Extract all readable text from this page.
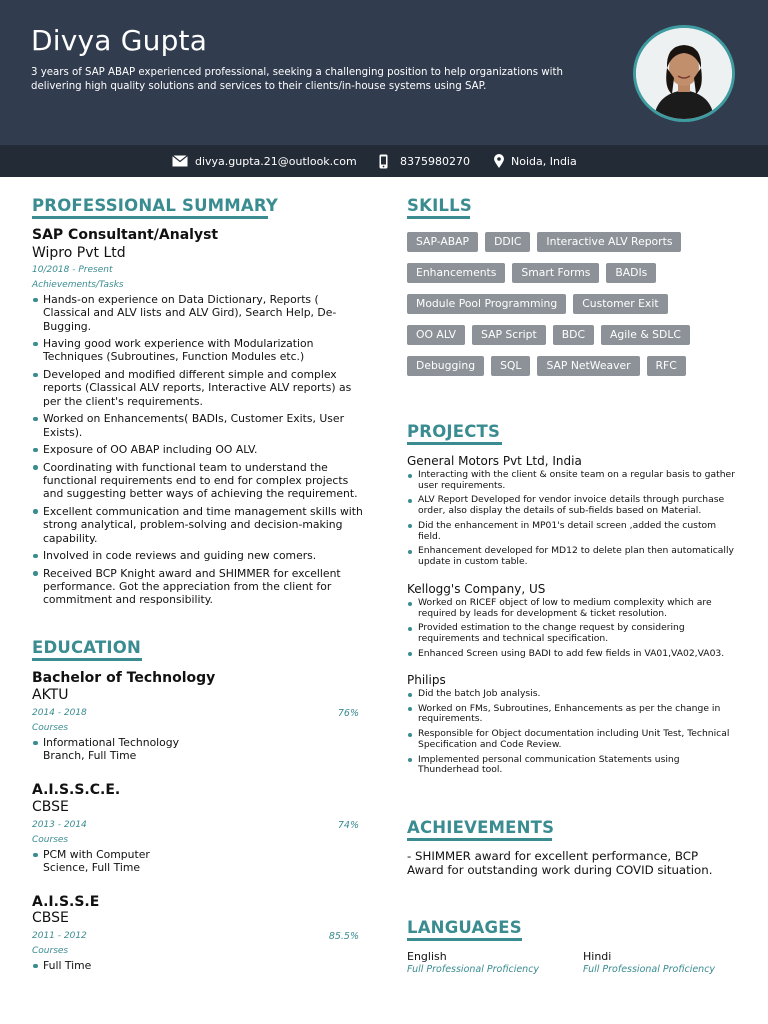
Divya Gupta
3 years of SAP ABAP experienced professional, seeking a challenging position to help organizations with delivering high quality solutions and services to their clients/in-house systems using SAP.
divya.gupta.21@outlook.com	8375980270	Noida, India
PROFESSIONAL SUMMARY
SAP Consultant/Analyst
Wipro Pvt Ltd
10/2018 - Present
Achievements/Tasks
Hands-on experience on Data Dictionary, Reports ( Classical and ALV lists and ALV Gird), Search Help, De-Bugging.
Having good work experience with Modularization Techniques (Subroutines, Function Modules etc.)
Developed and modified different simple and complex reports (Classical ALV reports, Interactive ALV reports) as per the client's requirements.
Worked on Enhancements( BADIs, Customer Exits, User Exists).
Exposure of OO ABAP including OO ALV.
Coordinating with functional team to understand the functional requirements end to end for complex projects and suggesting better ways of achieving the requirement.
Excellent communication and time management skills with strong analytical, problem-solving and decision-making capability.
Involved in code reviews and guiding new comers.
Received BCP Knight award and SHIMMER for excellent performance. Got the appreciation from the client for commitment and responsibility.
EDUCATION
Bachelor of Technology
AKTU
2014 - 2018	76%
Courses
Informational Technology Branch, Full Time
A.I.S.S.C.E.
CBSE
2013 - 2014	74%
Courses
PCM with Computer Science, Full Time
A.I.S.S.E
CBSE
2011 - 2012	85.5%
Courses
Full Time
SKILLS
SAP-ABAP	DDIC	Interactive ALV Reports
Enhancements	Smart Forms	BADIs
Module Pool Programming	Customer Exit
OO ALV	SAP Script	BDC	Agile & SDLC
Debugging	SQL	SAP NetWeaver	RFC
PROJECTS
General Motors Pvt Ltd, India
Interacting with the client & onsite team on a regular basis to gather user requirements.
ALV Report Developed for vendor invoice details through purchase order, also display the details of sub-fields based on Material.
Did the enhancement in MP01's detail screen ,added the custom field.
Enhancement developed for MD12 to delete plan then automatically update in custom table.
Kellogg's Company, US
Worked on RICEF object of low to medium complexity which are required by leads for development & ticket resolution.
Provided estimation to the change request by considering requirements and technical specification.
Enhanced Screen using BADI to add few fields in VA01,VA02,VA03.
Philips
Did the batch Job analysis.
Worked on FMs, Subroutines, Enhancements as per the change in requirements.
Responsible for Object documentation including Unit Test, Technical Specification and Code Review.
Implemented personal communication Statements using Thunderhead tool.
ACHIEVEMENTS
- SHIMMER award for excellent performance, BCP Award for outstanding work during COVID situation.
LANGUAGES
English
Full Professional Proficiency
Hindi
Full Professional Proficiency
